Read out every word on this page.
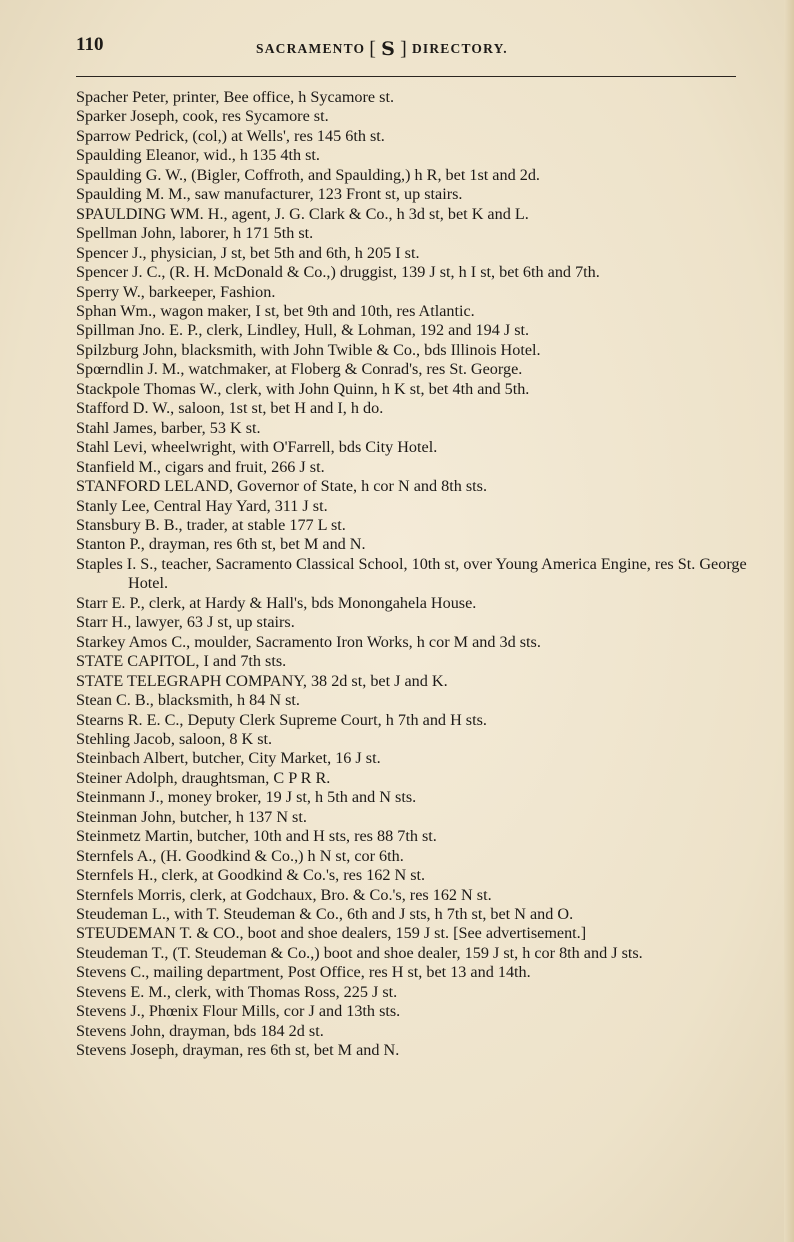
110	SACRAMENTO [ S ] DIRECTORY.
Spacher Peter, printer, Bee office, h Sycamore st.
Sparker Joseph, cook, res Sycamore st.
Sparrow Pedrick, (col,) at Wells', res 145 6th st.
Spaulding Eleanor, wid., h 135 4th st.
Spaulding G. W., (Bigler, Coffroth, and Spaulding,) h R, bet 1st and 2d.
Spaulding M. M., saw manufacturer, 123 Front st, up stairs.
SPAULDING WM. H., agent, J. G. Clark & Co., h 3d st, bet K and L.
Spellman John, laborer, h 171 5th st.
Spencer J., physician, J st, bet 5th and 6th, h 205 I st.
Spencer J. C., (R. H. McDonald & Co.,) druggist, 139 J st, h I st, bet 6th and 7th.
Sperry W., barkeeper, Fashion.
Sphan Wm., wagon maker, I st, bet 9th and 10th, res Atlantic.
Spillman Jno. E. P., clerk, Lindley, Hull, & Lohman, 192 and 194 J st.
Spilzburg John, blacksmith, with John Twible & Co., bds Illinois Hotel.
Spœrndlin J. M., watchmaker, at Floberg & Conrad's, res St. George.
Stackpole Thomas W., clerk, with John Quinn, h K st, bet 4th and 5th.
Stafford D. W., saloon, 1st st, bet H and I, h do.
Stahl James, barber, 53 K st.
Stahl Levi, wheelwright, with O'Farrell, bds City Hotel.
Stanfield M., cigars and fruit, 266 J st.
STANFORD LELAND, Governor of State, h cor N and 8th sts.
Stanly Lee, Central Hay Yard, 311 J st.
Stansbury B. B., trader, at stable 177 L st.
Stanton P., drayman, res 6th st, bet M and N.
Staples I. S., teacher, Sacramento Classical School, 10th st, over Young America Engine, res St. George Hotel.
Starr E. P., clerk, at Hardy & Hall's, bds Monongahela House.
Starr H., lawyer, 63 J st, up stairs.
Starkey Amos C., moulder, Sacramento Iron Works, h cor M and 3d sts.
STATE CAPITOL, I and 7th sts.
STATE TELEGRAPH COMPANY, 38 2d st, bet J and K.
Stean C. B., blacksmith, h 84 N st.
Stearns R. E. C., Deputy Clerk Supreme Court, h 7th and H sts.
Stehling Jacob, saloon, 8 K st.
Steinbach Albert, butcher, City Market, 16 J st.
Steiner Adolph, draughtsman, C P R R.
Steinmann J., money broker, 19 J st, h 5th and N sts.
Steinman John, butcher, h 137 N st.
Steinmetz Martin, butcher, 10th and H sts, res 88 7th st.
Sternfels A., (H. Goodkind & Co.,) h N st, cor 6th.
Sternfels H., clerk, at Goodkind & Co.'s, res 162 N st.
Sternfels Morris, clerk, at Godchaux, Bro. & Co.'s, res 162 N st.
Steudeman L., with T. Steudeman & Co., 6th and J sts, h 7th st, bet N and O.
STEUDEMAN T. & CO., boot and shoe dealers, 159 J st. [See advertisement.]
Steudeman T., (T. Steudeman & Co.,) boot and shoe dealer, 159 J st, h cor 8th and J sts.
Stevens C., mailing department, Post Office, res H st, bet 13 and 14th.
Stevens E. M., clerk, with Thomas Ross, 225 J st.
Stevens J., Phœnix Flour Mills, cor J and 13th sts.
Stevens John, drayman, bds 184 2d st.
Stevens Joseph, drayman, res 6th st, bet M and N.
